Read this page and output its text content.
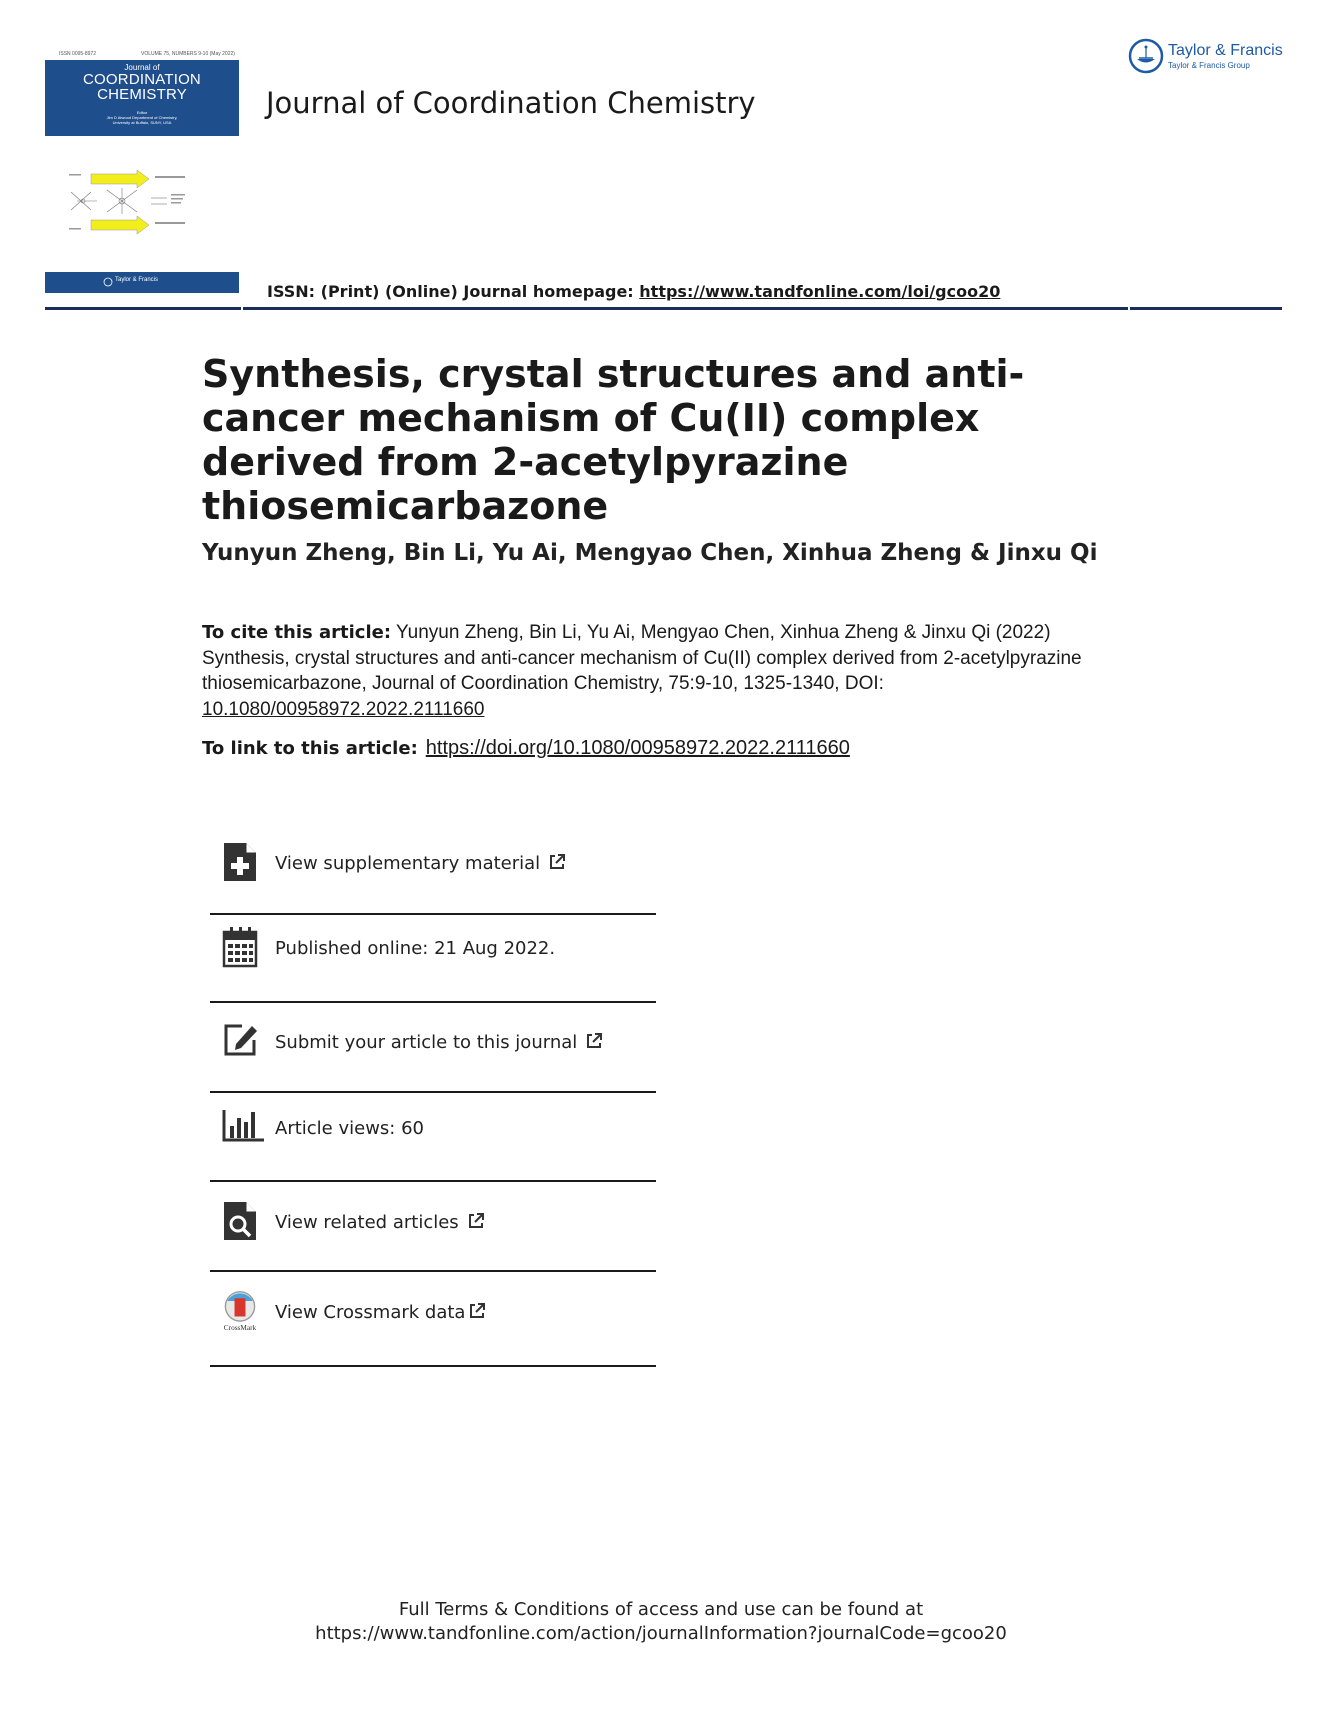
ISSN 0095-8972	VOLUME 75, NUMBERS 9-10 (May 2022)
Journal of
COORDINATION
CHEMISTRY
Editor
Jim D Atwood Department of Chemistry,
University at Buffalo, SUNY, USA
Taylor & Francis
Journal of Coordination Chemistry
Taylor & Francis
Taylor & Francis Group
ISSN: (Print) (Online) Journal homepage: https://www.tandfonline.com/loi/gcoo20
Synthesis, crystal structures and anti-cancer mechanism of Cu(II) complex derived from 2-acetylpyrazine thiosemicarbazone
Yunyun Zheng, Bin Li, Yu Ai, Mengyao Chen, Xinhua Zheng & Jinxu Qi
To cite this article: Yunyun Zheng, Bin Li, Yu Ai, Mengyao Chen, Xinhua Zheng & Jinxu Qi (2022) Synthesis, crystal structures and anti-cancer mechanism of Cu(II) complex derived from 2-acetylpyrazine thiosemicarbazone, Journal of Coordination Chemistry, 75:9-10, 1325-1340, DOI: 10.1080/00958972.2022.2111660
To link to this article: https://doi.org/10.1080/00958972.2022.2111660
View supplementary material
Published online: 21 Aug 2022.
Submit your article to this journal
Article views: 60
View related articles
CrossMark
View Crossmark data
Full Terms & Conditions of access and use can be found at
https://www.tandfonline.com/action/journalInformation?journalCode=gcoo20
